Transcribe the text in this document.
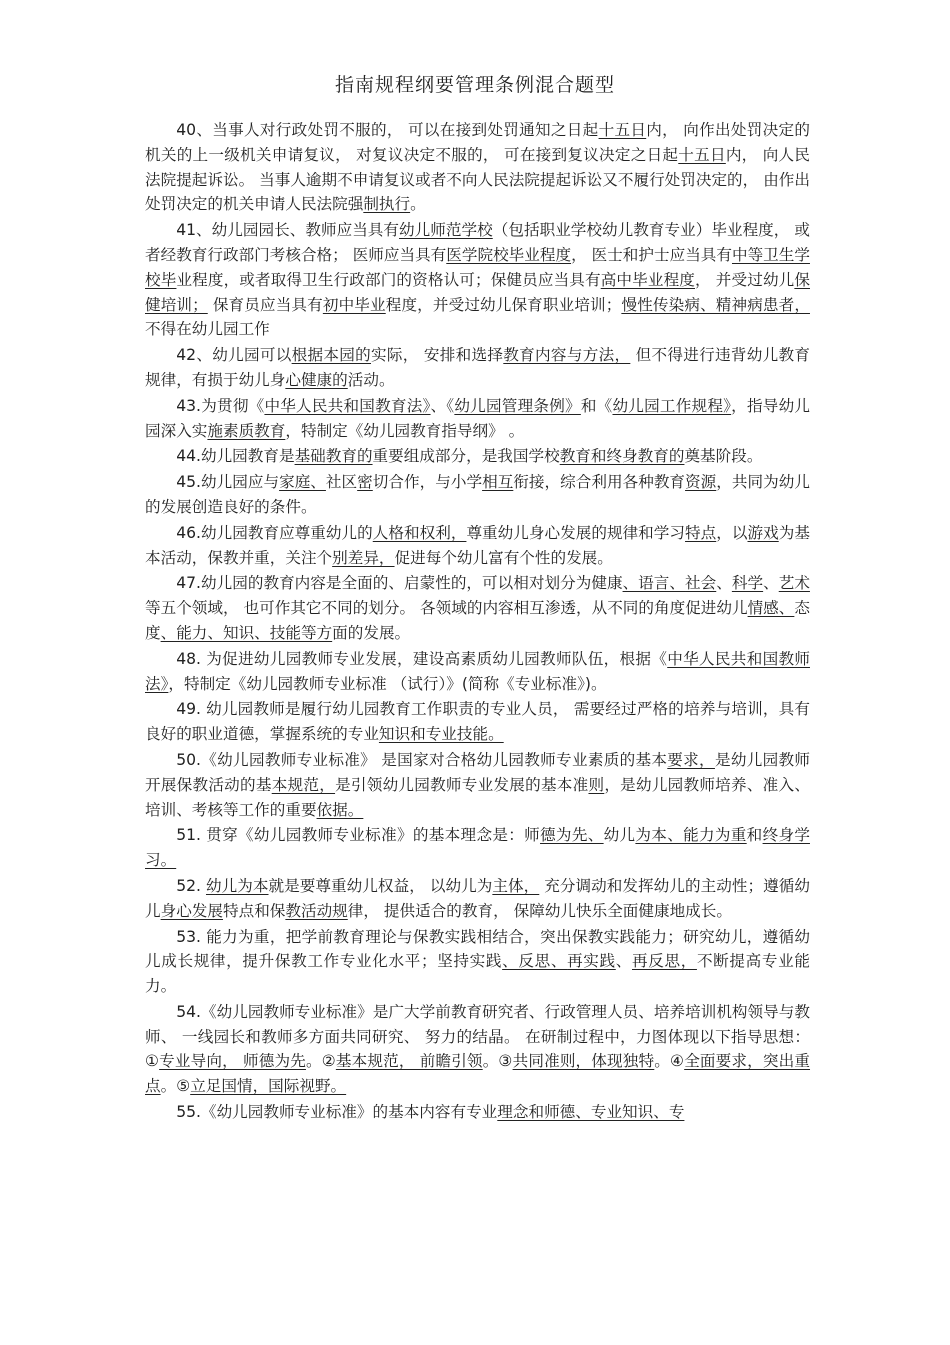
指南规程纲要管理条例混合题型

40、当事人对行政处罚不服的， 可以在接到处罚通知之日起十五日内， 向作出处罚决定的机关的上一级机关申请复议， 对复议决定不服的， 可在接到复议决定之日起十五日内， 向人民法院提起诉讼。 当事人逾期不申请复议或者不向人民法院提起诉讼又不履行处罚决定的， 由作出处罚决定的机关申请人民法院强制执行。

41、幼儿园园长、教师应当具有幼儿师范学校（包括职业学校幼儿教育专业）毕业程度， 或者经教育行政部门考核合格； 医师应当具有医学院校毕业程度， 医士和护士应当具有中等卫生学校毕业程度，或者取得卫生行政部门的资格认可；保健员应当具有高中毕业程度， 并受过幼儿保健培训； 保育员应当具有初中毕业程度，并受过幼儿保育职业培训；慢性传染病、精神病患者，不得在幼儿园工作

42、幼儿园可以根据本园的实际， 安排和选择教育内容与方法， 但不得进行违背幼儿教育规律，有损于幼儿身心健康的活动。

43.为贯彻《中华人民共和国教育法》、《幼儿园管理条例》和《幼儿园工作规程》，指导幼儿园深入实施素质教育，特制定《幼儿园教育指导纲》 。

44.幼儿园教育是基础教育的重要组成部分，是我国学校教育和终身教育的奠基阶段。

45.幼儿园应与家庭、社区密切合作，与小学相互衔接，综合利用各种教育资源，共同为幼儿的发展创造良好的条件。

46.幼儿园教育应尊重幼儿的人格和权利，尊重幼儿身心发展的规律和学习特点，以游戏为基本活动，保教并重，关注个别差异，促进每个幼儿富有个性的发展。

47.幼儿园的教育内容是全面的、启蒙性的，可以相对划分为健康、语言、社会、科学、艺术等五个领域， 也可作其它不同的划分。 各领域的内容相互渗透，从不同的角度促进幼儿情感、态度、能力、知识、技能等方面的发展。

48. 为促进幼儿园教师专业发展，建设高素质幼儿园教师队伍，根据《中华人民共和国教师法》，特制定《幼儿园教师专业标准 （试行）》(简称《专业标准》)。

49. 幼儿园教师是履行幼儿园教育工作职责的专业人员， 需要经过严格的培养与培训，具有良好的职业道德，掌握系统的专业知识和专业技能。

50.《幼儿园教师专业标准》 是国家对合格幼儿园教师专业素质的基本要求，是幼儿园教师开展保教活动的基本规范，是引领幼儿园教师专业发展的基本准则，是幼儿园教师培养、准入、培训、考核等工作的重要依据。

51. 贯穿《幼儿园教师专业标准》的基本理念是：师德为先、幼儿为本、能力为重和终身学习。

52. 幼儿为本就是要尊重幼儿权益， 以幼儿为主体， 充分调动和发挥幼儿的主动性；遵循幼儿身心发展特点和保教活动规律， 提供适合的教育， 保障幼儿快乐全面健康地成长。

53. 能力为重，把学前教育理论与保教实践相结合，突出保教实践能力；研究幼儿，遵循幼儿成长规律，提升保教工作专业化水平；坚持实践、反思、再实践、再反思，不断提高专业能力。

54.《幼儿园教师专业标准》是广大学前教育研究者、行政管理人员、培养培训机构领导与教师、 一线园长和教师多方面共同研究、 努力的结晶。 在研制过程中，力图体现以下指导思想： ①专业导向， 师德为先。②基本规范， 前瞻引领。③共同准则，体现独特。④全面要求，突出重点。⑤立足国情，国际视野。

55.《幼儿园教师专业标准》的基本内容有专业理念和师德、专业知识、专
